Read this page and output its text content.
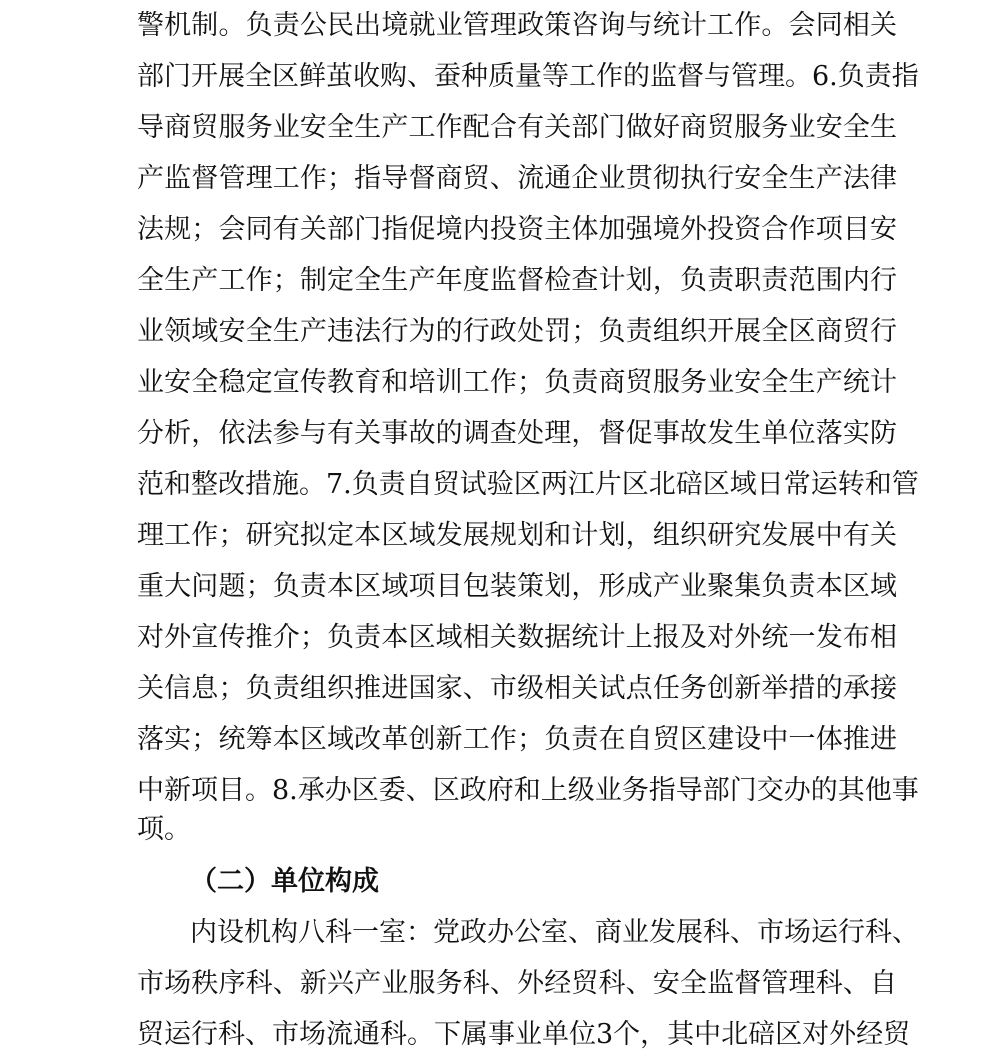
警机制。负责公民出境就业管理政策咨询与统计工作。会同相关
部门开展全区鲜茧收购、蚕种质量等工作的监督与管理。6.负责指
导商贸服务业安全生产工作配合有关部门做好商贸服务业安全生
产监督管理工作；指导督商贸、流通企业贯彻执行安全生产法律
法规；会同有关部门指促境内投资主体加强境外投资合作项目安
全生产工作；制定全生产年度监督检查计划，负责职责范围内行
业领域安全生产违法行为的行政处罚；负责组织开展全区商贸行
业安全稳定宣传教育和培训工作；负责商贸服务业安全生产统计
分析，依法参与有关事故的调查处理，督促事故发生单位落实防
范和整改措施。7.负责自贸试验区两江片区北碚区域日常运转和管
理工作；研究拟定本区域发展规划和计划，组织研究发展中有关
重大问题；负责本区域项目包装策划，形成产业聚集负责本区域
对外宣传推介；负责本区域相关数据统计上报及对外统一发布相
关信息；负责组织推进国家、市级相关试点任务创新举措的承接
落实；统筹本区域改革创新工作；负责在自贸区建设中一体推进
中新项目。8.承办区委、区政府和上级业务指导部门交办的其他事
项。
（二）单位构成
内设机构八科一室：党政办公室、商业发展科、市场运行科、
市场秩序科、新兴产业服务科、外经贸科、安全监督管理科、自
贸运行科、市场流通科。下属事业单位3个，其中北碚区对外经贸
